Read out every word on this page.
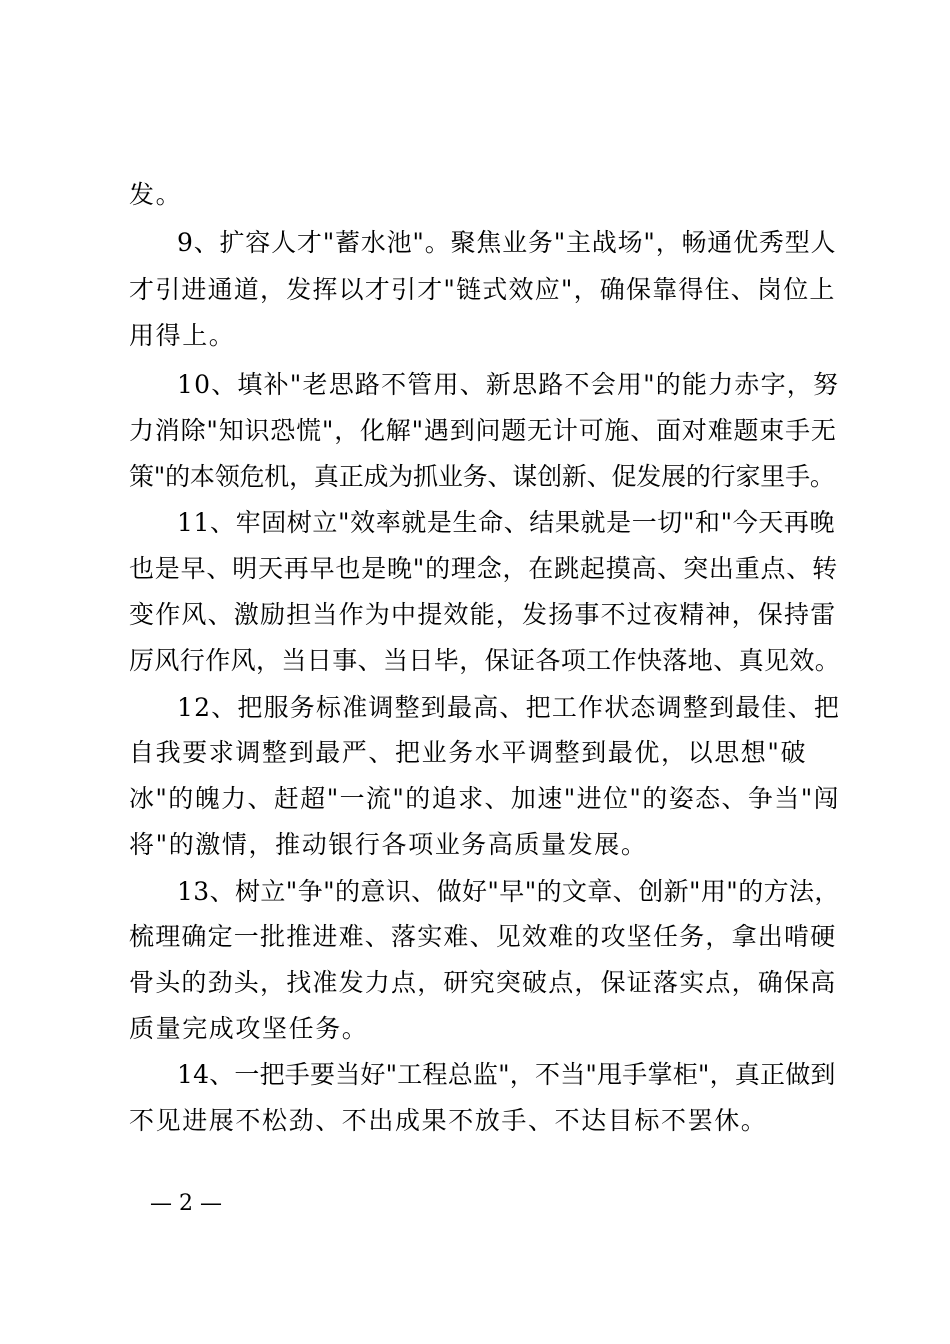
发。
9、扩容人才"蓄水池"。聚焦业务"主战场"，畅通优秀型人
才引进通道，发挥以才引才"链式效应"，确保靠得住、岗位上
用得上。
10、填补"老思路不管用、新思路不会用"的能力赤字，努
力消除"知识恐慌"，化解"遇到问题无计可施、面对难题束手无
策"的本领危机，真正成为抓业务、谋创新、促发展的行家里手。
11、牢固树立"效率就是生命、结果就是一切"和"今天再晚
也是早、明天再早也是晚"的理念，在跳起摸高、突出重点、转
变作风、激励担当作为中提效能，发扬事不过夜精神，保持雷
厉风行作风，当日事、当日毕，保证各项工作快落地、真见效。
12、把服务标准调整到最高、把工作状态调整到最佳、把
自我要求调整到最严、把业务水平调整到最优，以思想"破
冰"的魄力、赶超"一流"的追求、加速"进位"的姿态、争当"闯
将"的激情，推动银行各项业务高质量发展。
13、树立"争"的意识、做好"早"的文章、创新"用"的方法，
梳理确定一批推进难、落实难、见效难的攻坚任务，拿出啃硬
骨头的劲头，找准发力点，研究突破点，保证落实点，确保高
质量完成攻坚任务。
14、一把手要当好"工程总监"，不当"甩手掌柜"，真正做到
不见进展不松劲、不出成果不放手、不达目标不罢休。
— 2 —
